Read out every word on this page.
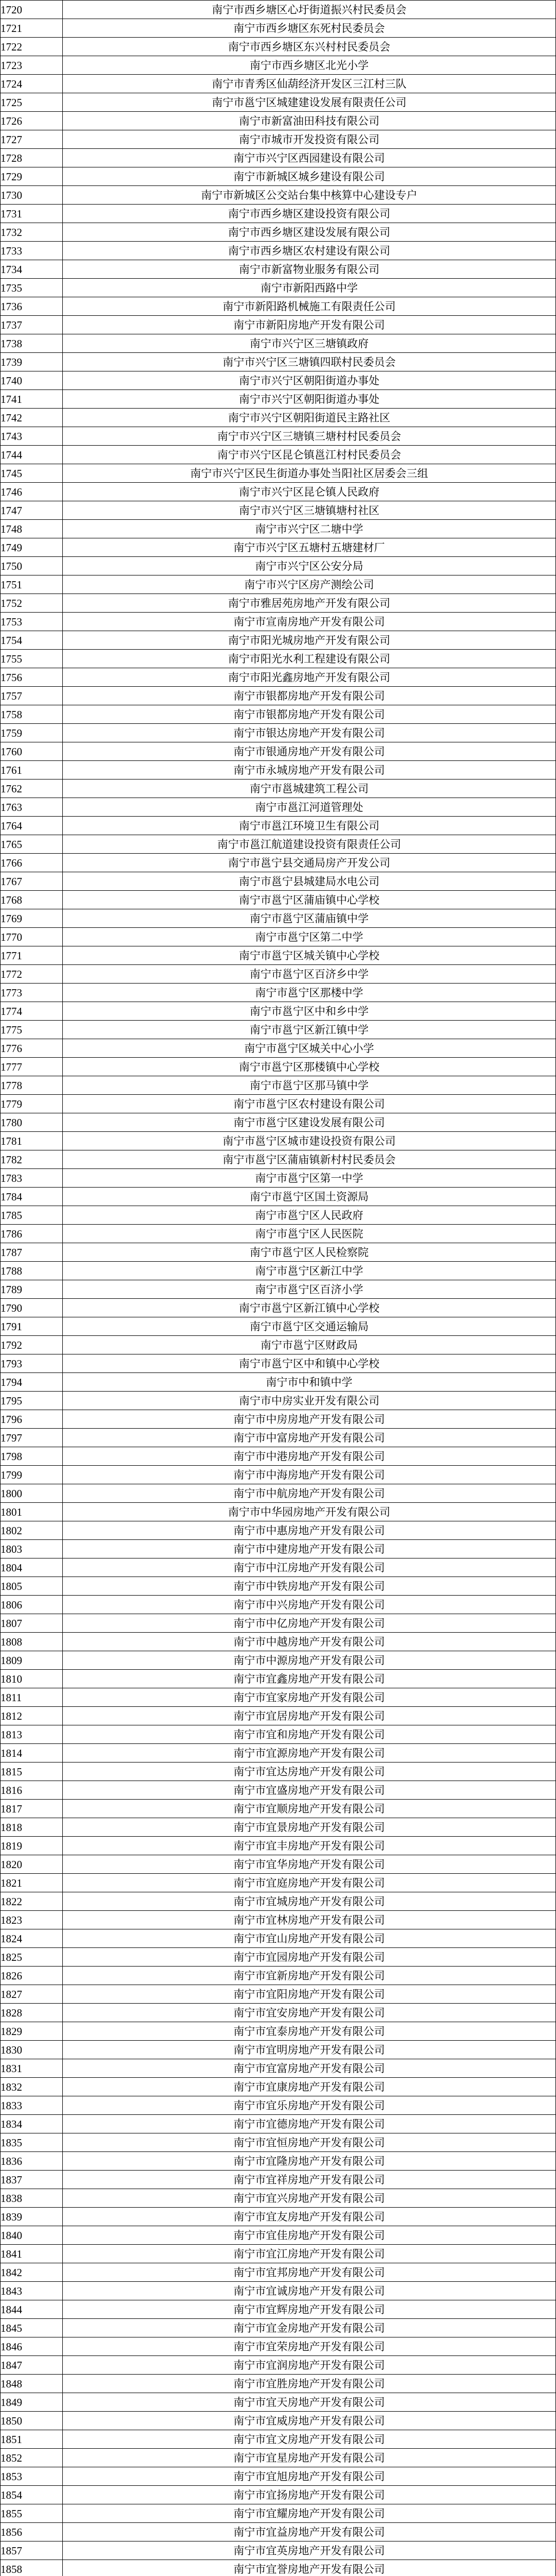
1720	南宁市西乡塘区心圩街道振兴村民委员会
1721	南宁市西乡塘区东死村民委员会
1722	南宁市西乡塘区东兴村村民委员会
1723	南宁市西乡塘区北光小学
1724	南宁市青秀区仙葫经济开发区三江村三队
1725	南宁市邕宁区城建建设发展有限责任公司
1726	南宁市新富油田科技有限公司
1727	南宁市城市开发投资有限公司
1728	南宁市兴宁区西园建设有限公司
1729	南宁市新城区城乡建设有限公司
1730	南宁市新城区公交站台集中核算中心建设专户
1731	南宁市西乡塘区建设投资有限公司
1732	南宁市西乡塘区建设发展有限公司
1733	南宁市西乡塘区农村建设有限公司
1734	南宁市新富物业服务有限公司
1735	南宁市新阳西路中学
1736	南宁市新阳路机械施工有限责任公司
1737	南宁市新阳房地产开发有限公司
1738	南宁市兴宁区三塘镇政府
1739	南宁市兴宁区三塘镇四联村民委员会
1740	南宁市兴宁区朝阳街道办事处
1741	南宁市兴宁区朝阳街道办事处
1742	南宁市兴宁区朝阳街道民主路社区
1743	南宁市兴宁区三塘镇三塘村村民委员会
1744	南宁市兴宁区昆仑镇邕江村村民委员会
1745	南宁市兴宁区民生街道办事处当阳社区居委会三组
1746	南宁市兴宁区昆仑镇人民政府
1747	南宁市兴宁区三塘镇塘村社区
1748	南宁市兴宁区二塘中学
1749	南宁市兴宁区五塘村五塘建材厂
1750	南宁市兴宁区公安分局
1751	南宁市兴宁区房产测绘公司
1752	南宁市雅居苑房地产开发有限公司
1753	南宁市宣南房地产开发有限公司
1754	南宁市阳光城房地产开发有限公司
1755	南宁市阳光水利工程建设有限公司
1756	南宁市阳光鑫房地产开发有限公司
1757	南宁市银都房地产开发有限公司
1758	南宁市银都房地产开发有限公司
1759	南宁市银达房地产开发有限公司
1760	南宁市银通房地产开发有限公司
1761	南宁市永城房地产开发有限公司
1762	南宁市邕城建筑工程公司
1763	南宁市邕江河道管理处
1764	南宁市邕江环境卫生有限公司
1765	南宁市邕江航道建设投资有限责任公司
1766	南宁市邕宁县交通局房产开发公司
1767	南宁市邕宁县城建局水电公司
1768	南宁市邕宁区蒲庙镇中心学校
1769	南宁市邕宁区蒲庙镇中学
1770	南宁市邕宁区第二中学
1771	南宁市邕宁区城关镇中心学校
1772	南宁市邕宁区百济乡中学
1773	南宁市邕宁区那楼中学
1774	南宁市邕宁区中和乡中学
1775	南宁市邕宁区新江镇中学
1776	南宁市邕宁区城关中心小学
1777	南宁市邕宁区那楼镇中心学校
1778	南宁市邕宁区那马镇中学
1779	南宁市邕宁区农村建设有限公司
1780	南宁市邕宁区建设发展有限公司
1781	南宁市邕宁区城市建设投资有限公司
1782	南宁市邕宁区蒲庙镇新村村民委员会
1783	南宁市邕宁区第一中学
1784	南宁市邕宁区国土资源局
1785	南宁市邕宁区人民政府
1786	南宁市邕宁区人民医院
1787	南宁市邕宁区人民检察院
1788	南宁市邕宁区新江中学
1789	南宁市邕宁区百济小学
1790	南宁市邕宁区新江镇中心学校
1791	南宁市邕宁区交通运输局
1792	南宁市邕宁区财政局
1793	南宁市邕宁区中和镇中心学校
1794	南宁市中和镇中学
1795	南宁市中房实业开发有限公司
1796	南宁市中房房地产开发有限公司
1797	南宁市中富房地产开发有限公司
1798	南宁市中港房地产开发有限公司
1799	南宁市中海房地产开发有限公司
1800	南宁市中航房地产开发有限公司
1801	南宁市中华园房地产开发有限公司
1802	南宁市中惠房地产开发有限公司
1803	南宁市中建房地产开发有限公司
1804	南宁市中江房地产开发有限公司
1805	南宁市中铁房地产开发有限公司
1806	南宁市中兴房地产开发有限公司
1807	南宁市中亿房地产开发有限公司
1808	南宁市中越房地产开发有限公司
1809	南宁市中源房地产开发有限公司
1810	南宁市宜鑫房地产开发有限公司
1811	南宁市宜家房地产开发有限公司
1812	南宁市宜居房地产开发有限公司
1813	南宁市宜和房地产开发有限公司
1814	南宁市宜源房地产开发有限公司
1815	南宁市宜达房地产开发有限公司
1816	南宁市宜盛房地产开发有限公司
1817	南宁市宜顺房地产开发有限公司
1818	南宁市宜景房地产开发有限公司
1819	南宁市宜丰房地产开发有限公司
1820	南宁市宜华房地产开发有限公司
1821	南宁市宜庭房地产开发有限公司
1822	南宁市宜城房地产开发有限公司
1823	南宁市宜林房地产开发有限公司
1824	南宁市宜山房地产开发有限公司
1825	南宁市宜园房地产开发有限公司
1826	南宁市宜新房地产开发有限公司
1827	南宁市宜阳房地产开发有限公司
1828	南宁市宜安房地产开发有限公司
1829	南宁市宜泰房地产开发有限公司
1830	南宁市宜明房地产开发有限公司
1831	南宁市宜富房地产开发有限公司
1832	南宁市宜康房地产开发有限公司
1833	南宁市宜乐房地产开发有限公司
1834	南宁市宜德房地产开发有限公司
1835	南宁市宜恒房地产开发有限公司
1836	南宁市宜隆房地产开发有限公司
1837	南宁市宜祥房地产开发有限公司
1838	南宁市宜兴房地产开发有限公司
1839	南宁市宜友房地产开发有限公司
1840	南宁市宜佳房地产开发有限公司
1841	南宁市宜江房地产开发有限公司
1842	南宁市宜邦房地产开发有限公司
1843	南宁市宜诚房地产开发有限公司
1844	南宁市宜辉房地产开发有限公司
1845	南宁市宜金房地产开发有限公司
1846	南宁市宜荣房地产开发有限公司
1847	南宁市宜润房地产开发有限公司
1848	南宁市宜胜房地产开发有限公司
1849	南宁市宜天房地产开发有限公司
1850	南宁市宜威房地产开发有限公司
1851	南宁市宜文房地产开发有限公司
1852	南宁市宜星房地产开发有限公司
1853	南宁市宜旭房地产开发有限公司
1854	南宁市宜扬房地产开发有限公司
1855	南宁市宜耀房地产开发有限公司
1856	南宁市宜益房地产开发有限公司
1857	南宁市宜英房地产开发有限公司
1858	南宁市宜誉房地产开发有限公司
